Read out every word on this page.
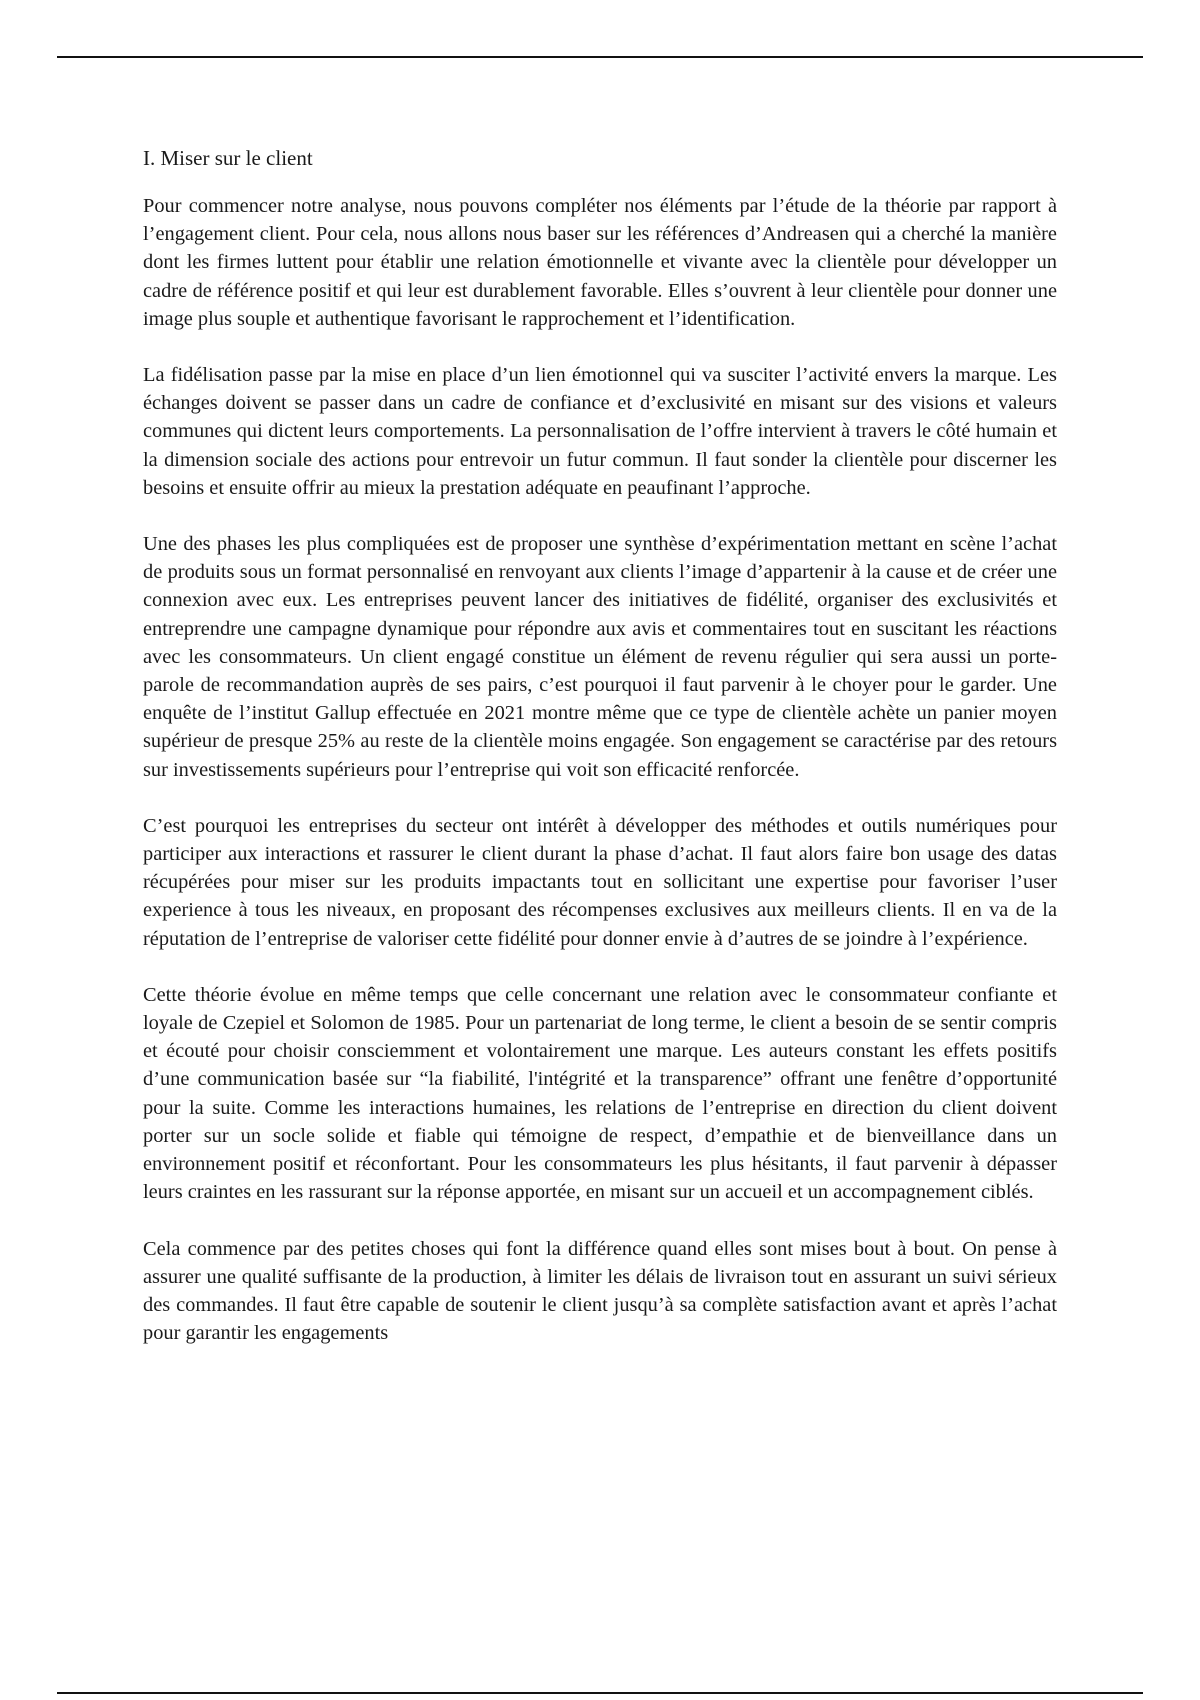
I. Miser sur le client

Pour commencer notre analyse, nous pouvons compléter nos éléments par l’étude de la théorie par rapport à l’engagement client. Pour cela, nous allons nous baser sur les références d’Andreasen qui a cherché la manière dont les firmes luttent pour établir une relation émotionnelle et vivante avec la clientèle pour développer un cadre de référence positif et qui leur est durablement favorable. Elles s’ouvrent à leur clientèle pour donner une image plus souple et authentique favorisant le rapprochement et l’identification.

La fidélisation passe par la mise en place d’un lien émotionnel qui va susciter l’activité envers la marque. Les échanges doivent se passer dans un cadre de confiance et d’exclusivité en misant sur des visions et valeurs communes qui dictent leurs comportements. La personnalisation de l’offre intervient à travers le côté humain et la dimension sociale des actions pour entrevoir un futur commun. Il faut sonder la clientèle pour discerner les besoins et ensuite offrir au mieux la prestation adéquate en peaufinant l’approche.

Une des phases les plus compliquées est de proposer une synthèse d’expérimentation mettant en scène l’achat de produits sous un format personnalisé en renvoyant aux clients l’image d’appartenir à la cause et de créer une connexion avec eux. Les entreprises peuvent lancer des initiatives de fidélité, organiser des exclusivités et entreprendre une campagne dynamique pour répondre aux avis et commentaires tout en suscitant les réactions avec les consommateurs. Un client engagé constitue un élément de revenu régulier qui sera aussi un porte-parole de recommandation auprès de ses pairs, c’est pourquoi il faut parvenir à le choyer pour le garder. Une enquête de l’institut Gallup effectuée en 2021 montre même que ce type de clientèle achète un panier moyen supérieur de presque 25% au reste de la clientèle moins engagée. Son engagement se caractérise par des retours sur investissements supérieurs pour l’entreprise qui voit son efficacité renforcée.

C’est pourquoi les entreprises du secteur ont intérêt à développer des méthodes et outils numériques pour participer aux interactions et rassurer le client durant la phase d’achat. Il faut alors faire bon usage des datas récupérées pour miser sur les produits impactants tout en sollicitant une expertise pour favoriser l’user experience à tous les niveaux, en proposant des récompenses exclusives aux meilleurs clients. Il en va de la réputation de l’entreprise de valoriser cette fidélité pour donner envie à d’autres de se joindre à l’expérience.

Cette théorie évolue en même temps que celle concernant une relation avec le consommateur confiante et loyale de Czepiel et Solomon de 1985. Pour un partenariat de long terme, le client a besoin de se sentir compris et écouté pour choisir consciemment et volontairement une marque. Les auteurs constant les effets positifs d’une communication basée sur “la fiabilité, l'intégrité et la transparence” offrant une fenêtre d’opportunité pour la suite. Comme les interactions humaines, les relations de l’entreprise en direction du client doivent porter sur un socle solide et fiable qui témoigne de respect, d’empathie et de bienveillance dans un environnement positif et réconfortant. Pour les consommateurs les plus hésitants, il faut parvenir à dépasser leurs craintes en les rassurant sur la réponse apportée, en misant sur un accueil et un accompagnement ciblés.

Cela commence par des petites choses qui font la différence quand elles sont mises bout à bout. On pense à assurer une qualité suffisante de la production, à limiter les délais de livraison tout en assurant un suivi sérieux des commandes. Il faut être capable de soutenir le client jusqu’à sa complète satisfaction avant et après l’achat pour garantir les engagements
